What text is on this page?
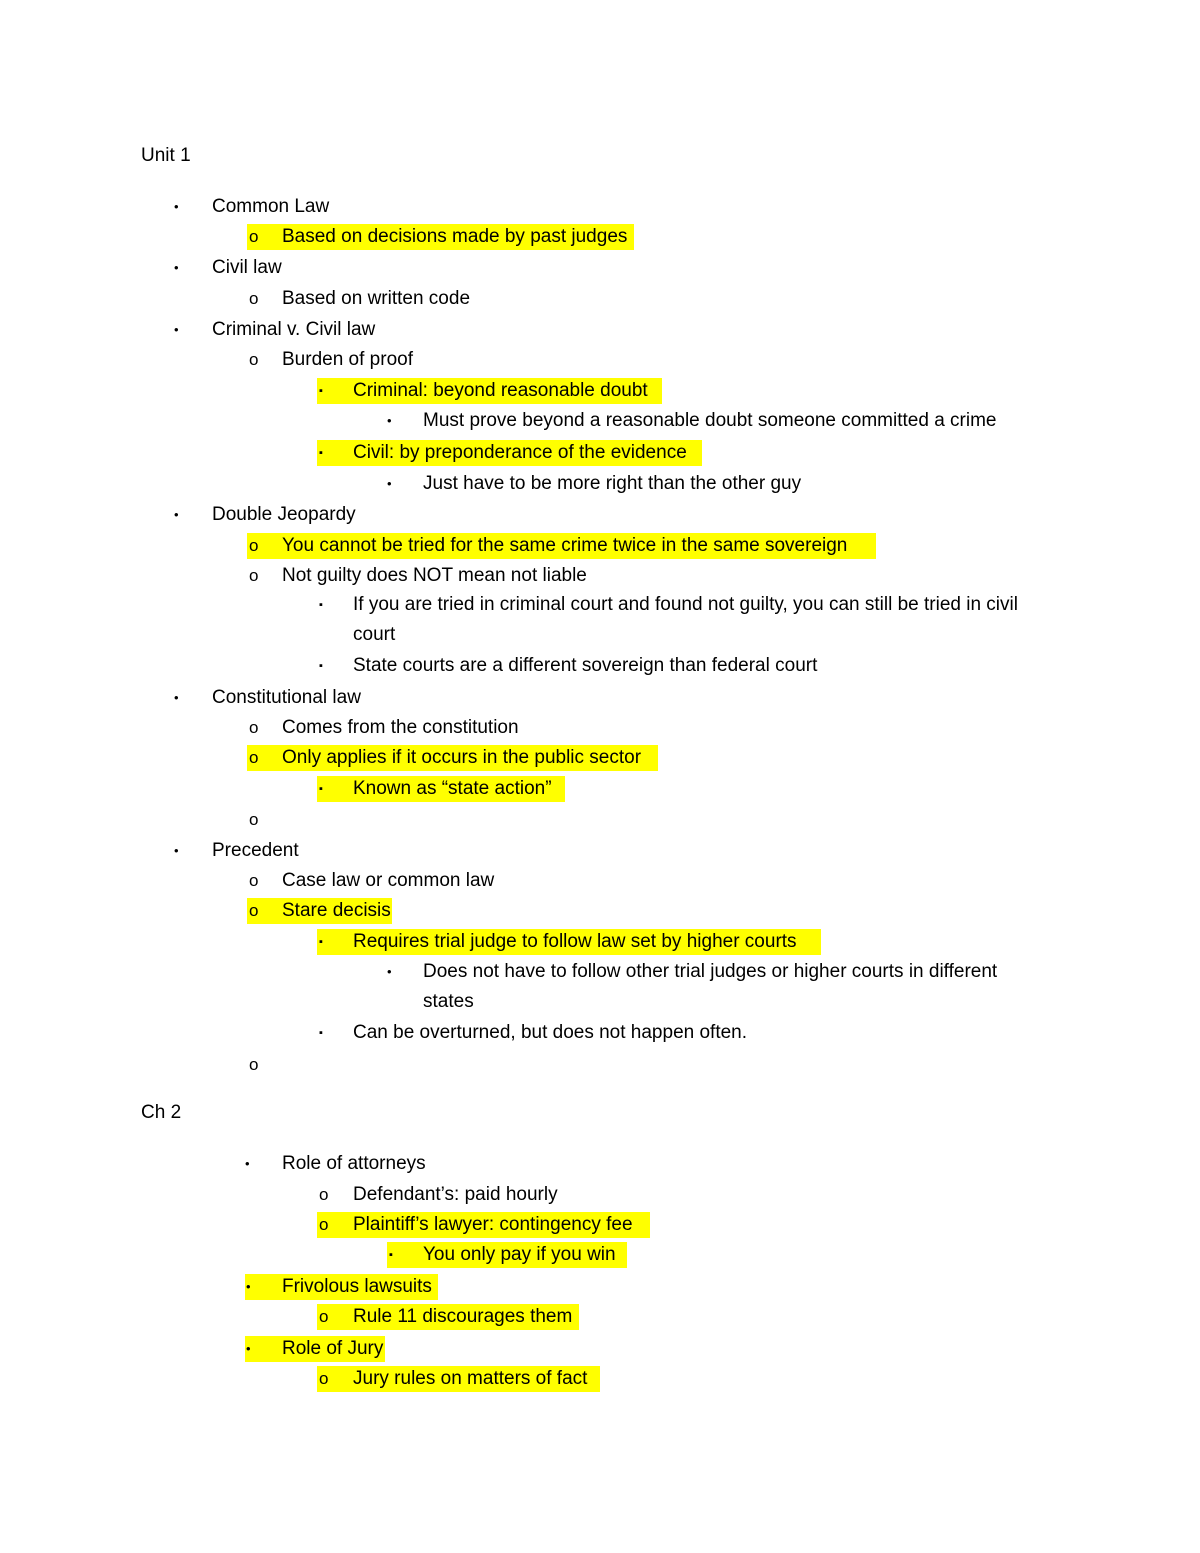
Unit 1
• Common Law
o Based on decisions made by past judges
• Civil law
o Based on written code
• Criminal v. Civil law
o Burden of proof
▪ Criminal: beyond reasonable doubt
• Must prove beyond a reasonable doubt someone committed a crime
▪ Civil: by preponderance of the evidence
• Just have to be more right than the other guy
• Double Jeopardy
o You cannot be tried for the same crime twice in the same sovereign
o Not guilty does NOT mean not liable
▪ If you are tried in criminal court and found not guilty, you can still be tried in civil court
▪ State courts are a different sovereign than federal court
• Constitutional law
o Comes from the constitution
o Only applies if it occurs in the public sector
▪ Known as “state action”
o
• Precedent
o Case law or common law
o Stare decisis
▪ Requires trial judge to follow law set by higher courts
• Does not have to follow other trial judges or higher courts in different states
▪ Can be overturned, but does not happen often.
o
Ch 2
• Role of attorneys
o Defendant’s: paid hourly
o Plaintiff’s lawyer: contingency fee
▪ You only pay if you win
• Frivolous lawsuits
o Rule 11 discourages them
• Role of Jury
o Jury rules on matters of fact
